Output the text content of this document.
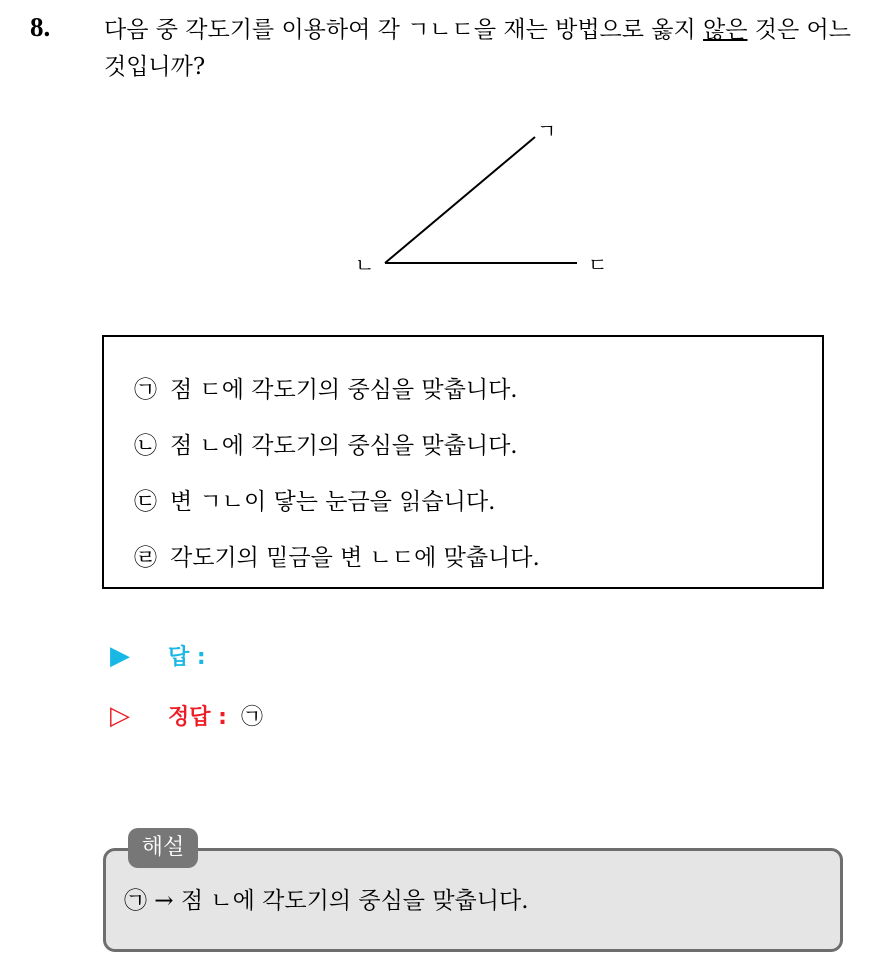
8. 다음 중 각도기를 이용하여 각 ㄱㄴㄷ을 재는 방법으로 옳지 않은 것은 어느 것입니까?
ㄱ
ㄴ	ㄷ
㉠ 점 ㄷ에 각도기의 중심을 맞춥니다.
㉡ 점 ㄴ에 각도기의 중심을 맞춥니다.
㉢ 변 ㄱㄴ이 닿는 눈금을 읽습니다.
㉣ 각도기의 밑금을 변 ㄴㄷ에 맞춥니다.
▶ 답 :
▷ 정답 : ㉠
해설
㉠ → 점 ㄴ에 각도기의 중심을 맞춥니다.
